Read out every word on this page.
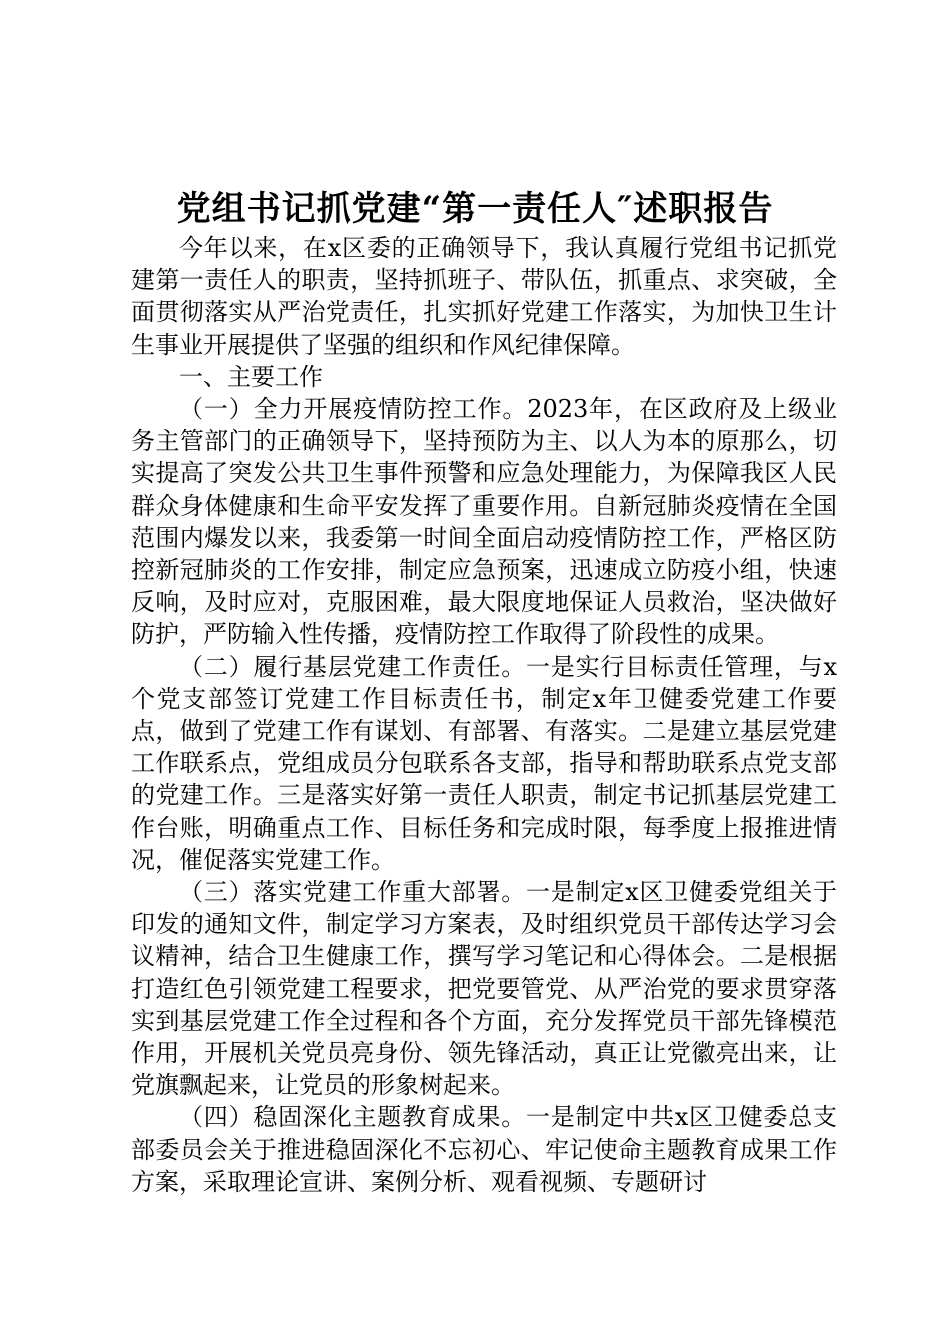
党组书记抓党建“第一责任人″述职报告

今年以来，在x区委的正确领导下，我认真履行党组书记抓党建第一责任人的职责，坚持抓班子、带队伍，抓重点、求突破，全面贯彻落实从严治党责任，扎实抓好党建工作落实，为加快卫生计生事业开展提供了坚强的组织和作风纪律保障。

一、主要工作

（一）全力开展疫情防控工作。2023年，在区政府及上级业务主管部门的正确领导下，坚持预防为主、以人为本的原那么，切实提高了突发公共卫生事件预警和应急处理能力，为保障我区人民群众身体健康和生命平安发挥了重要作用。自新冠肺炎疫情在全国范围内爆发以来，我委第一时间全面启动疫情防控工作，严格区防控新冠肺炎的工作安排，制定应急预案，迅速成立防疫小组，快速反响，及时应对，克服困难，最大限度地保证人员救治，坚决做好防护，严防输入性传播，疫情防控工作取得了阶段性的成果。

（二）履行基层党建工作责任。一是实行目标责任管理，与x个党支部签订党建工作目标责任书，制定x年卫健委党建工作要点，做到了党建工作有谋划、有部署、有落实。二是建立基层党建工作联系点，党组成员分包联系各支部，指导和帮助联系点党支部的党建工作。三是落实好第一责任人职责，制定书记抓基层党建工作台账，明确重点工作、目标任务和完成时限，每季度上报推进情况，催促落实党建工作。

（三）落实党建工作重大部署。一是制定x区卫健委党组关于印发的通知文件，制定学习方案表，及时组织党员干部传达学习会议精神，结合卫生健康工作，撰写学习笔记和心得体会。二是根据打造红色引领党建工程要求，把党要管党、从严治党的要求贯穿落实到基层党建工作全过程和各个方面，充分发挥党员干部先锋模范作用，开展机关党员亮身份、领先锋活动，真正让党徽亮出来，让党旗飘起来，让党员的形象树起来。

（四）稳固深化主题教育成果。一是制定中共x区卫健委总支部委员会关于推进稳固深化不忘初心、牢记使命主题教育成果工作方案，采取理论宣讲、案例分析、观看视频、专题研讨
